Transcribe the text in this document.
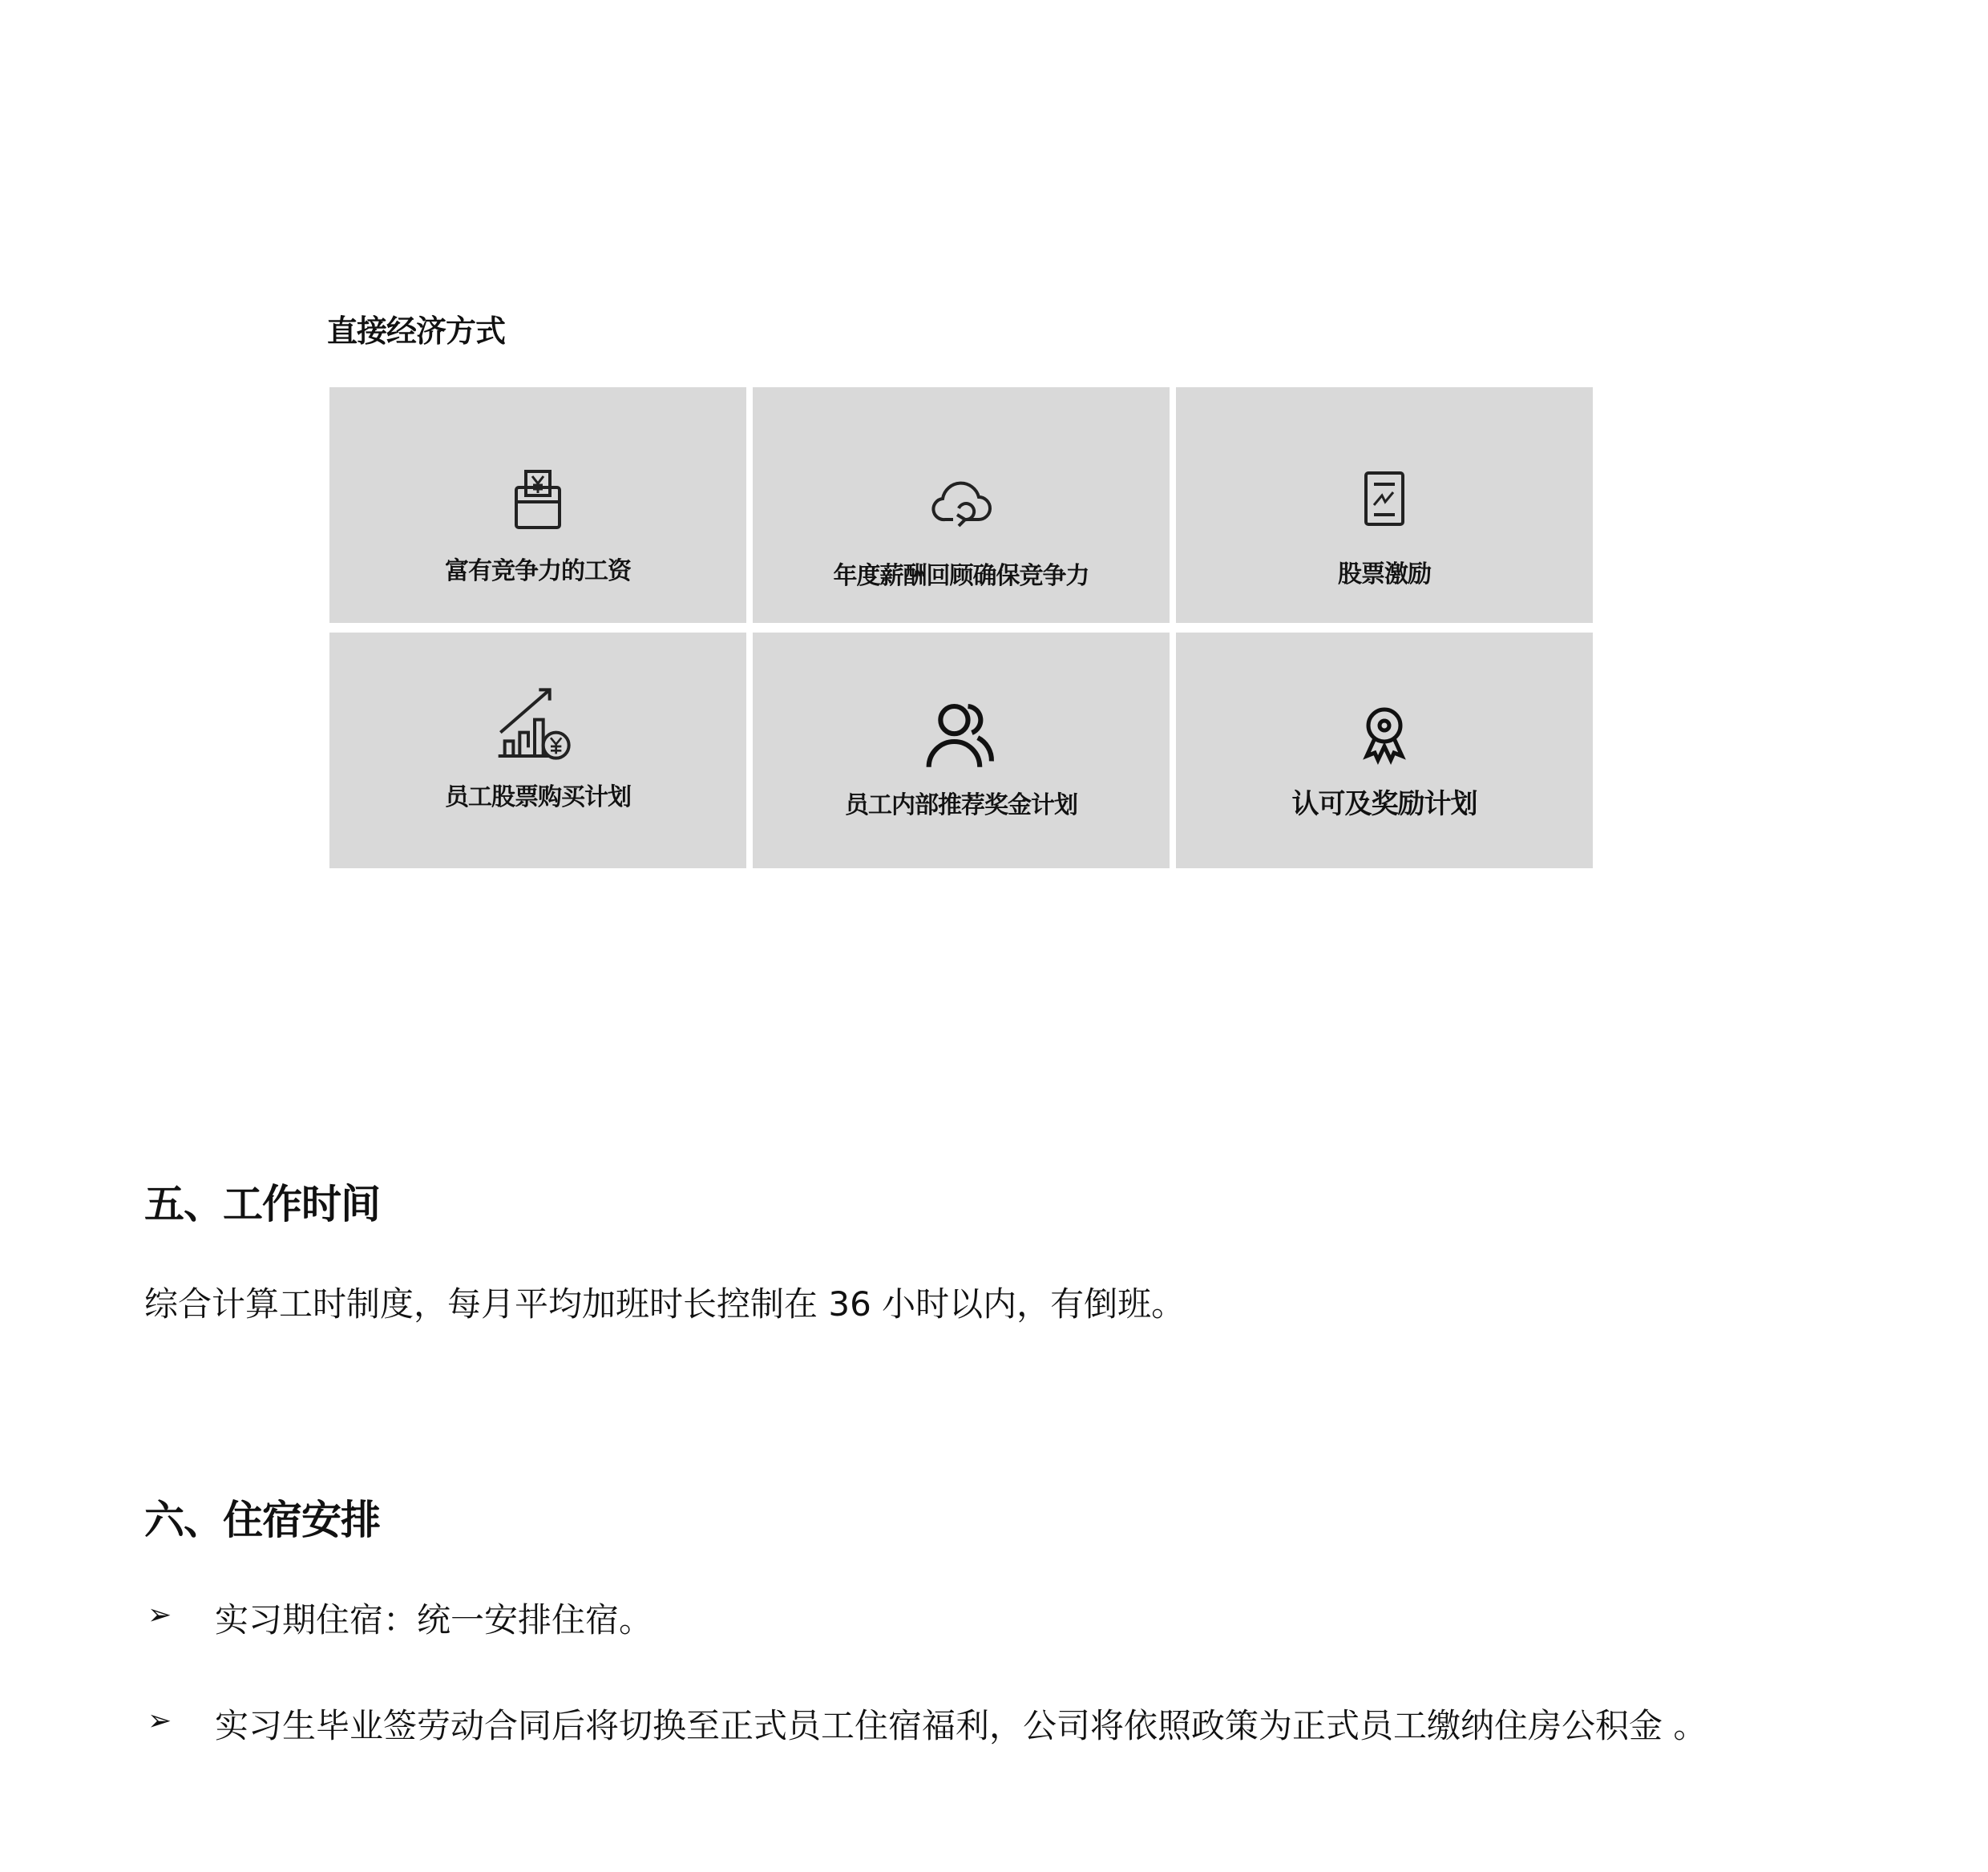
直接经济方式
富有竞争力的工资	年度薪酬回顾确保竞争力	股票激励
员工股票购买计划	员工内部推荐奖金计划	认可及奖励计划
五、工作时间
综合计算工时制度，每月平均加班时长控制在 36 小时以内，有倒班。
六、住宿安排
➢ 实习期住宿：统一安排住宿。
➢ 实习生毕业签劳动合同后将切换至正式员工住宿福利，公司将依照政策为正式员工缴纳住房公积金 。
